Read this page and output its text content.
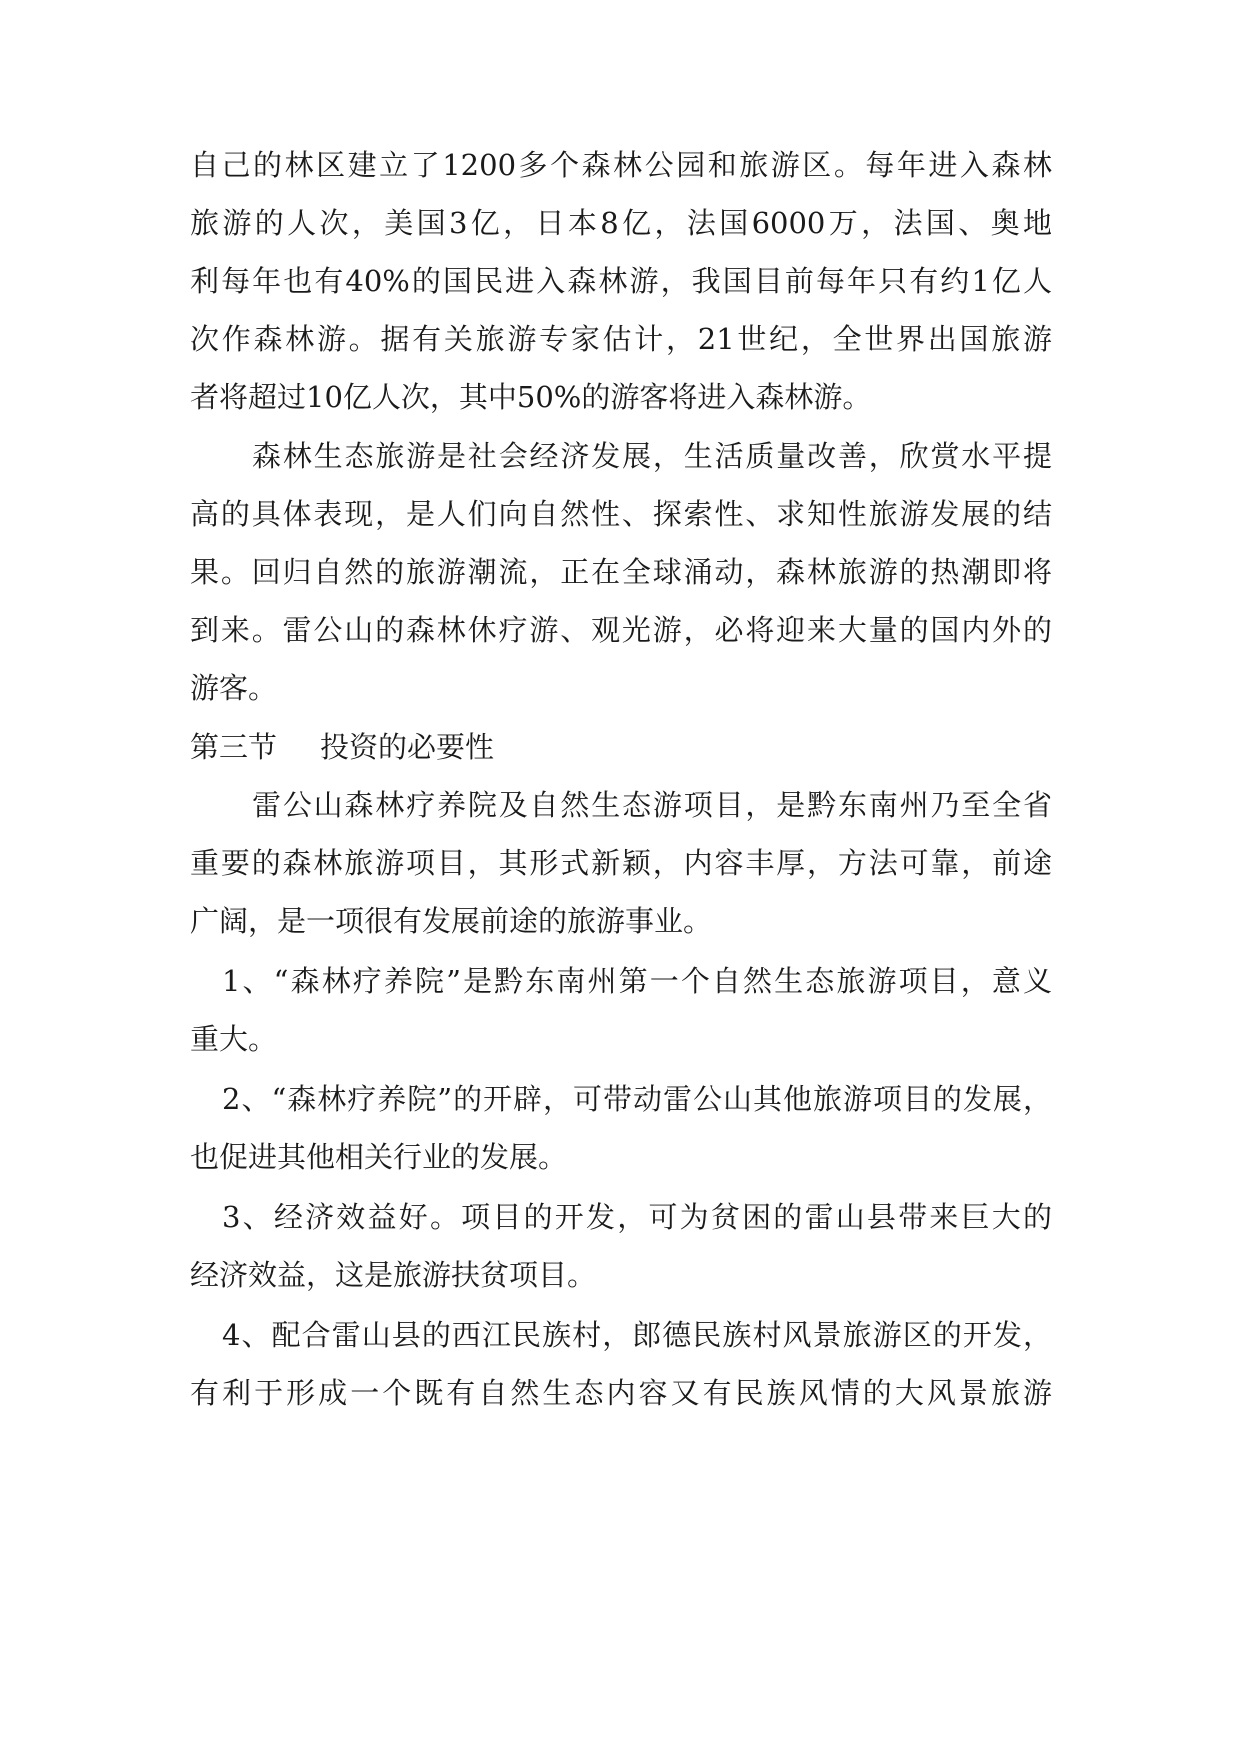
自己的林区建立了1200多个森林公园和旅游区。每年进入森林
旅游的人次，美国3亿，日本8亿，法国6000万，法国、奥地
利每年也有40%的国民进入森林游，我国目前每年只有约1亿人
次作森林游。据有关旅游专家估计，21世纪，全世界出国旅游
者将超过10亿人次，其中50%的游客将进入森林游。
森林生态旅游是社会经济发展，生活质量改善，欣赏水平提
高的具体表现，是人们向自然性、探索性、求知性旅游发展的结
果。回归自然的旅游潮流，正在全球涌动，森林旅游的热潮即将
到来。雷公山的森林休疗游、观光游，必将迎来大量的国内外的
游客。
第三节 投资的必要性
雷公山森林疗养院及自然生态游项目，是黔东南州乃至全省
重要的森林旅游项目，其形式新颖，内容丰厚，方法可靠，前途
广阔，是一项很有发展前途的旅游事业。
1、“森林疗养院”是黔东南州第一个自然生态旅游项目，意义
重大。
2、“森林疗养院”的开辟，可带动雷公山其他旅游项目的发展，
也促进其他相关行业的发展。
3、经济效益好。项目的开发，可为贫困的雷山县带来巨大的
经济效益，这是旅游扶贫项目。
4、配合雷山县的西江民族村，郎德民族村风景旅游区的开发，
有利于形成一个既有自然生态内容又有民族风情的大风景旅游
